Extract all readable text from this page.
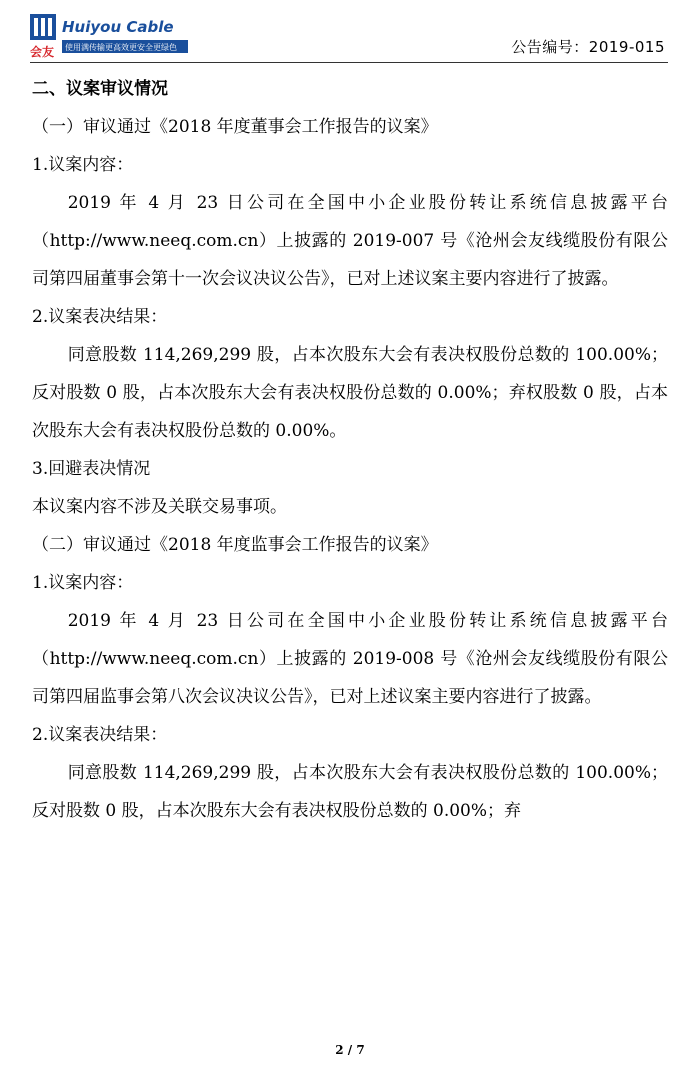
会友
Huiyou Cable
使用满传输更高效更安全更绿色	公告编号：2019-015

二、议案审议情况

（一）审议通过《2018 年度董事会工作报告的议案》

1.议案内容：

2019 年 4 月 23 日公司在全国中小企业股份转让系统信息披露平台（http://www.neeq.com.cn）上披露的 2019-007 号《沧州会友线缆股份有限公司第四届董事会第十一次会议决议公告》，已对上述议案主要内容进行了披露。

2.议案表决结果：

同意股数 114,269,299 股，占本次股东大会有表决权股份总数的 100.00%；反对股数 0 股，占本次股东大会有表决权股份总数的 0.00%；弃权股数 0 股，占本次股东大会有表决权股份总数的 0.00%。

3.回避表决情况

本议案内容不涉及关联交易事项。

（二）审议通过《2018 年度监事会工作报告的议案》

1.议案内容：

2019 年 4 月 23 日公司在全国中小企业股份转让系统信息披露平台（http://www.neeq.com.cn）上披露的 2019-008 号《沧州会友线缆股份有限公司第四届监事会第八次会议决议公告》，已对上述议案主要内容进行了披露。

2.议案表决结果：

同意股数 114,269,299 股，占本次股东大会有表决权股份总数的 100.00%；反对股数 0 股，占本次股东大会有表决权股份总数的 0.00%；弃

2 / 7
